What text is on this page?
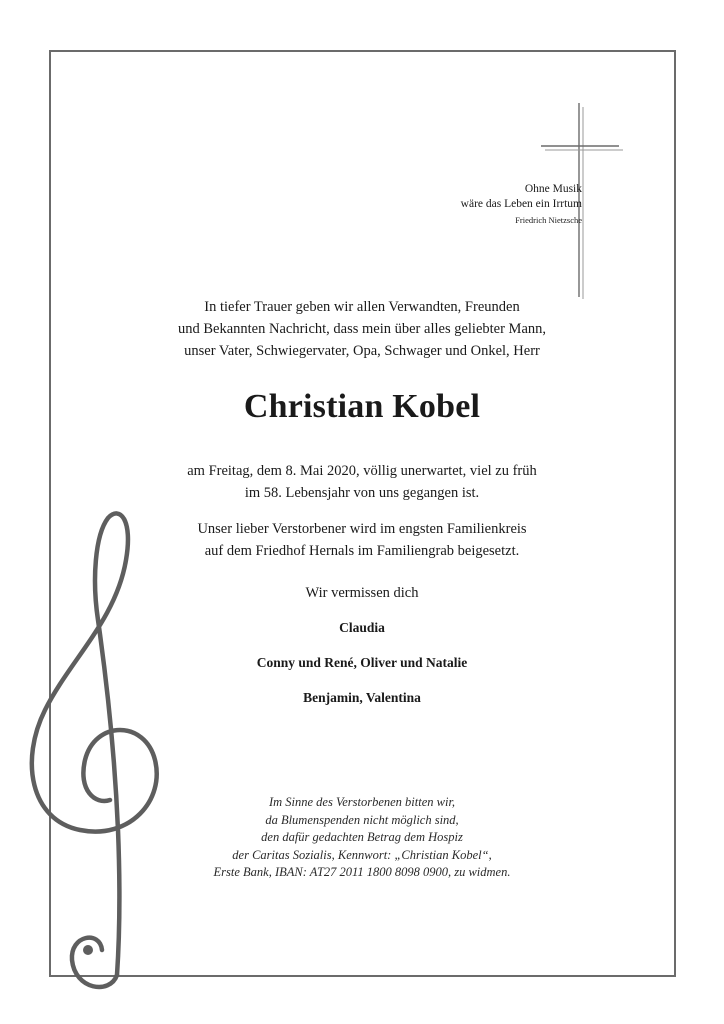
Ohne Musik
wäre das Leben ein Irrtum
Friedrich Nietzsche
In tiefer Trauer geben wir allen Verwandten, Freunden
und Bekannten Nachricht, dass mein über alles geliebter Mann,
unser Vater, Schwiegervater, Opa, Schwager und Onkel, Herr
Christian Kobel
am Freitag, dem 8. Mai 2020, völlig unerwartet, viel zu früh
im 58. Lebensjahr von uns gegangen ist.
Unser lieber Verstorbener wird im engsten Familienkreis
auf dem Friedhof Hernals im Familiengrab beigesetzt.
Wir vermissen dich
Claudia
Conny und René, Oliver und Natalie
Benjamin, Valentina
Im Sinne des Verstorbenen bitten wir,
da Blumenspenden nicht möglich sind,
den dafür gedachten Betrag dem Hospiz
der Caritas Sozialis, Kennwort: „Christian Kobel“,
Erste Bank, IBAN: AT27 2011 1800 8098 0900, zu widmen.
